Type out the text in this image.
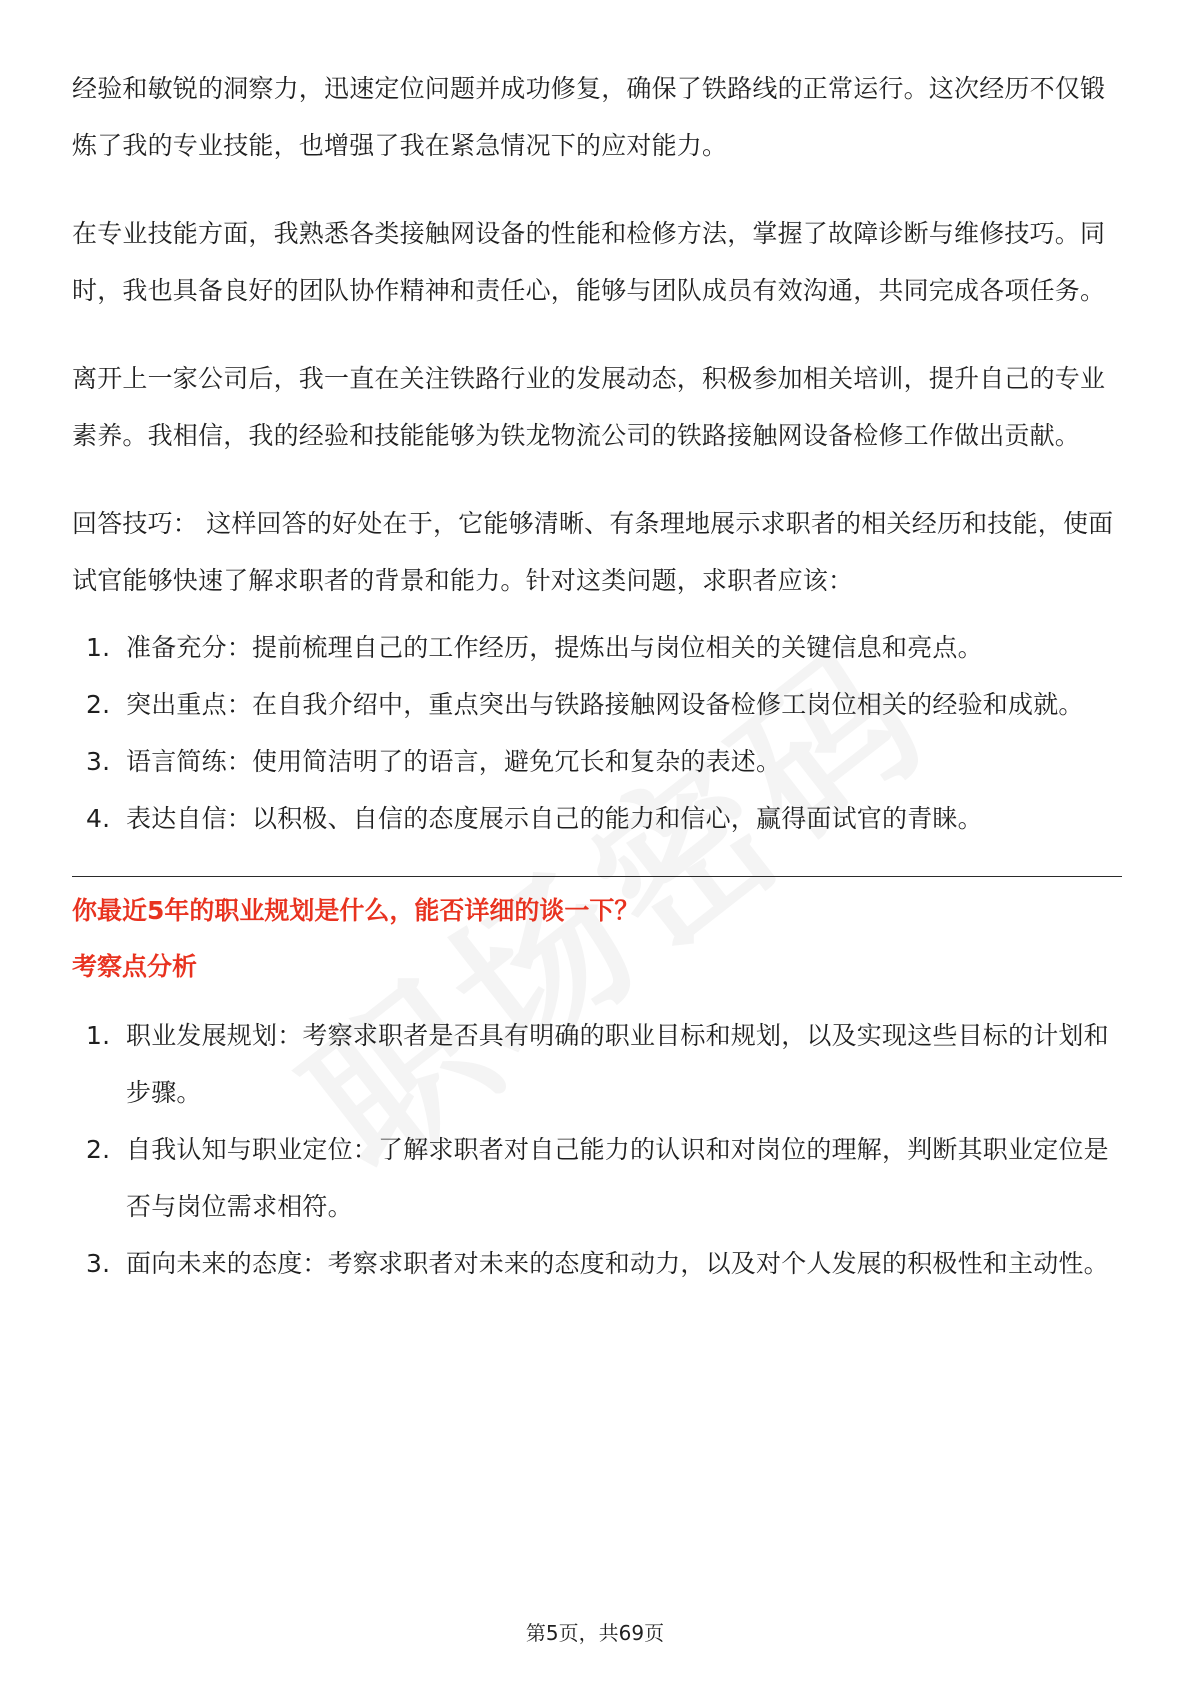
经验和敏锐的洞察力，迅速定位问题并成功修复，确保了铁路线的正常运行。这次经历不仅锻炼了我的专业技能，也增强了我在紧急情况下的应对能力。

在专业技能方面，我熟悉各类接触网设备的性能和检修方法，掌握了故障诊断与维修技巧。同时，我也具备良好的团队协作精神和责任心，能够与团队成员有效沟通，共同完成各项任务。

离开上一家公司后，我一直在关注铁路行业的发展动态，积极参加相关培训，提升自己的专业素养。我相信，我的经验和技能能够为铁龙物流公司的铁路接触网设备检修工作做出贡献。

回答技巧： 这样回答的好处在于，它能够清晰、有条理地展示求职者的相关经历和技能，使面试官能够快速了解求职者的背景和能力。针对这类问题，求职者应该：

1. 准备充分：提前梳理自己的工作经历，提炼出与岗位相关的关键信息和亮点。
2. 突出重点：在自我介绍中，重点突出与铁路接触网设备检修工岗位相关的经验和成就。
3. 语言简练：使用简洁明了的语言，避免冗长和复杂的表述。
4. 表达自信：以积极、自信的态度展示自己的能力和信心，赢得面试官的青睐。
你最近5年的职业规划是什么，能否详细的谈一下？
考察点分析
1. 职业发展规划：考察求职者是否具有明确的职业目标和规划，以及实现这些目标的计划和步骤。
2. 自我认知与职业定位：了解求职者对自己能力的认识和对岗位的理解，判断其职业定位是否与岗位需求相符。
3. 面向未来的态度：考察求职者对未来的态度和动力，以及对个人发展的积极性和主动性。
第5页，共69页
